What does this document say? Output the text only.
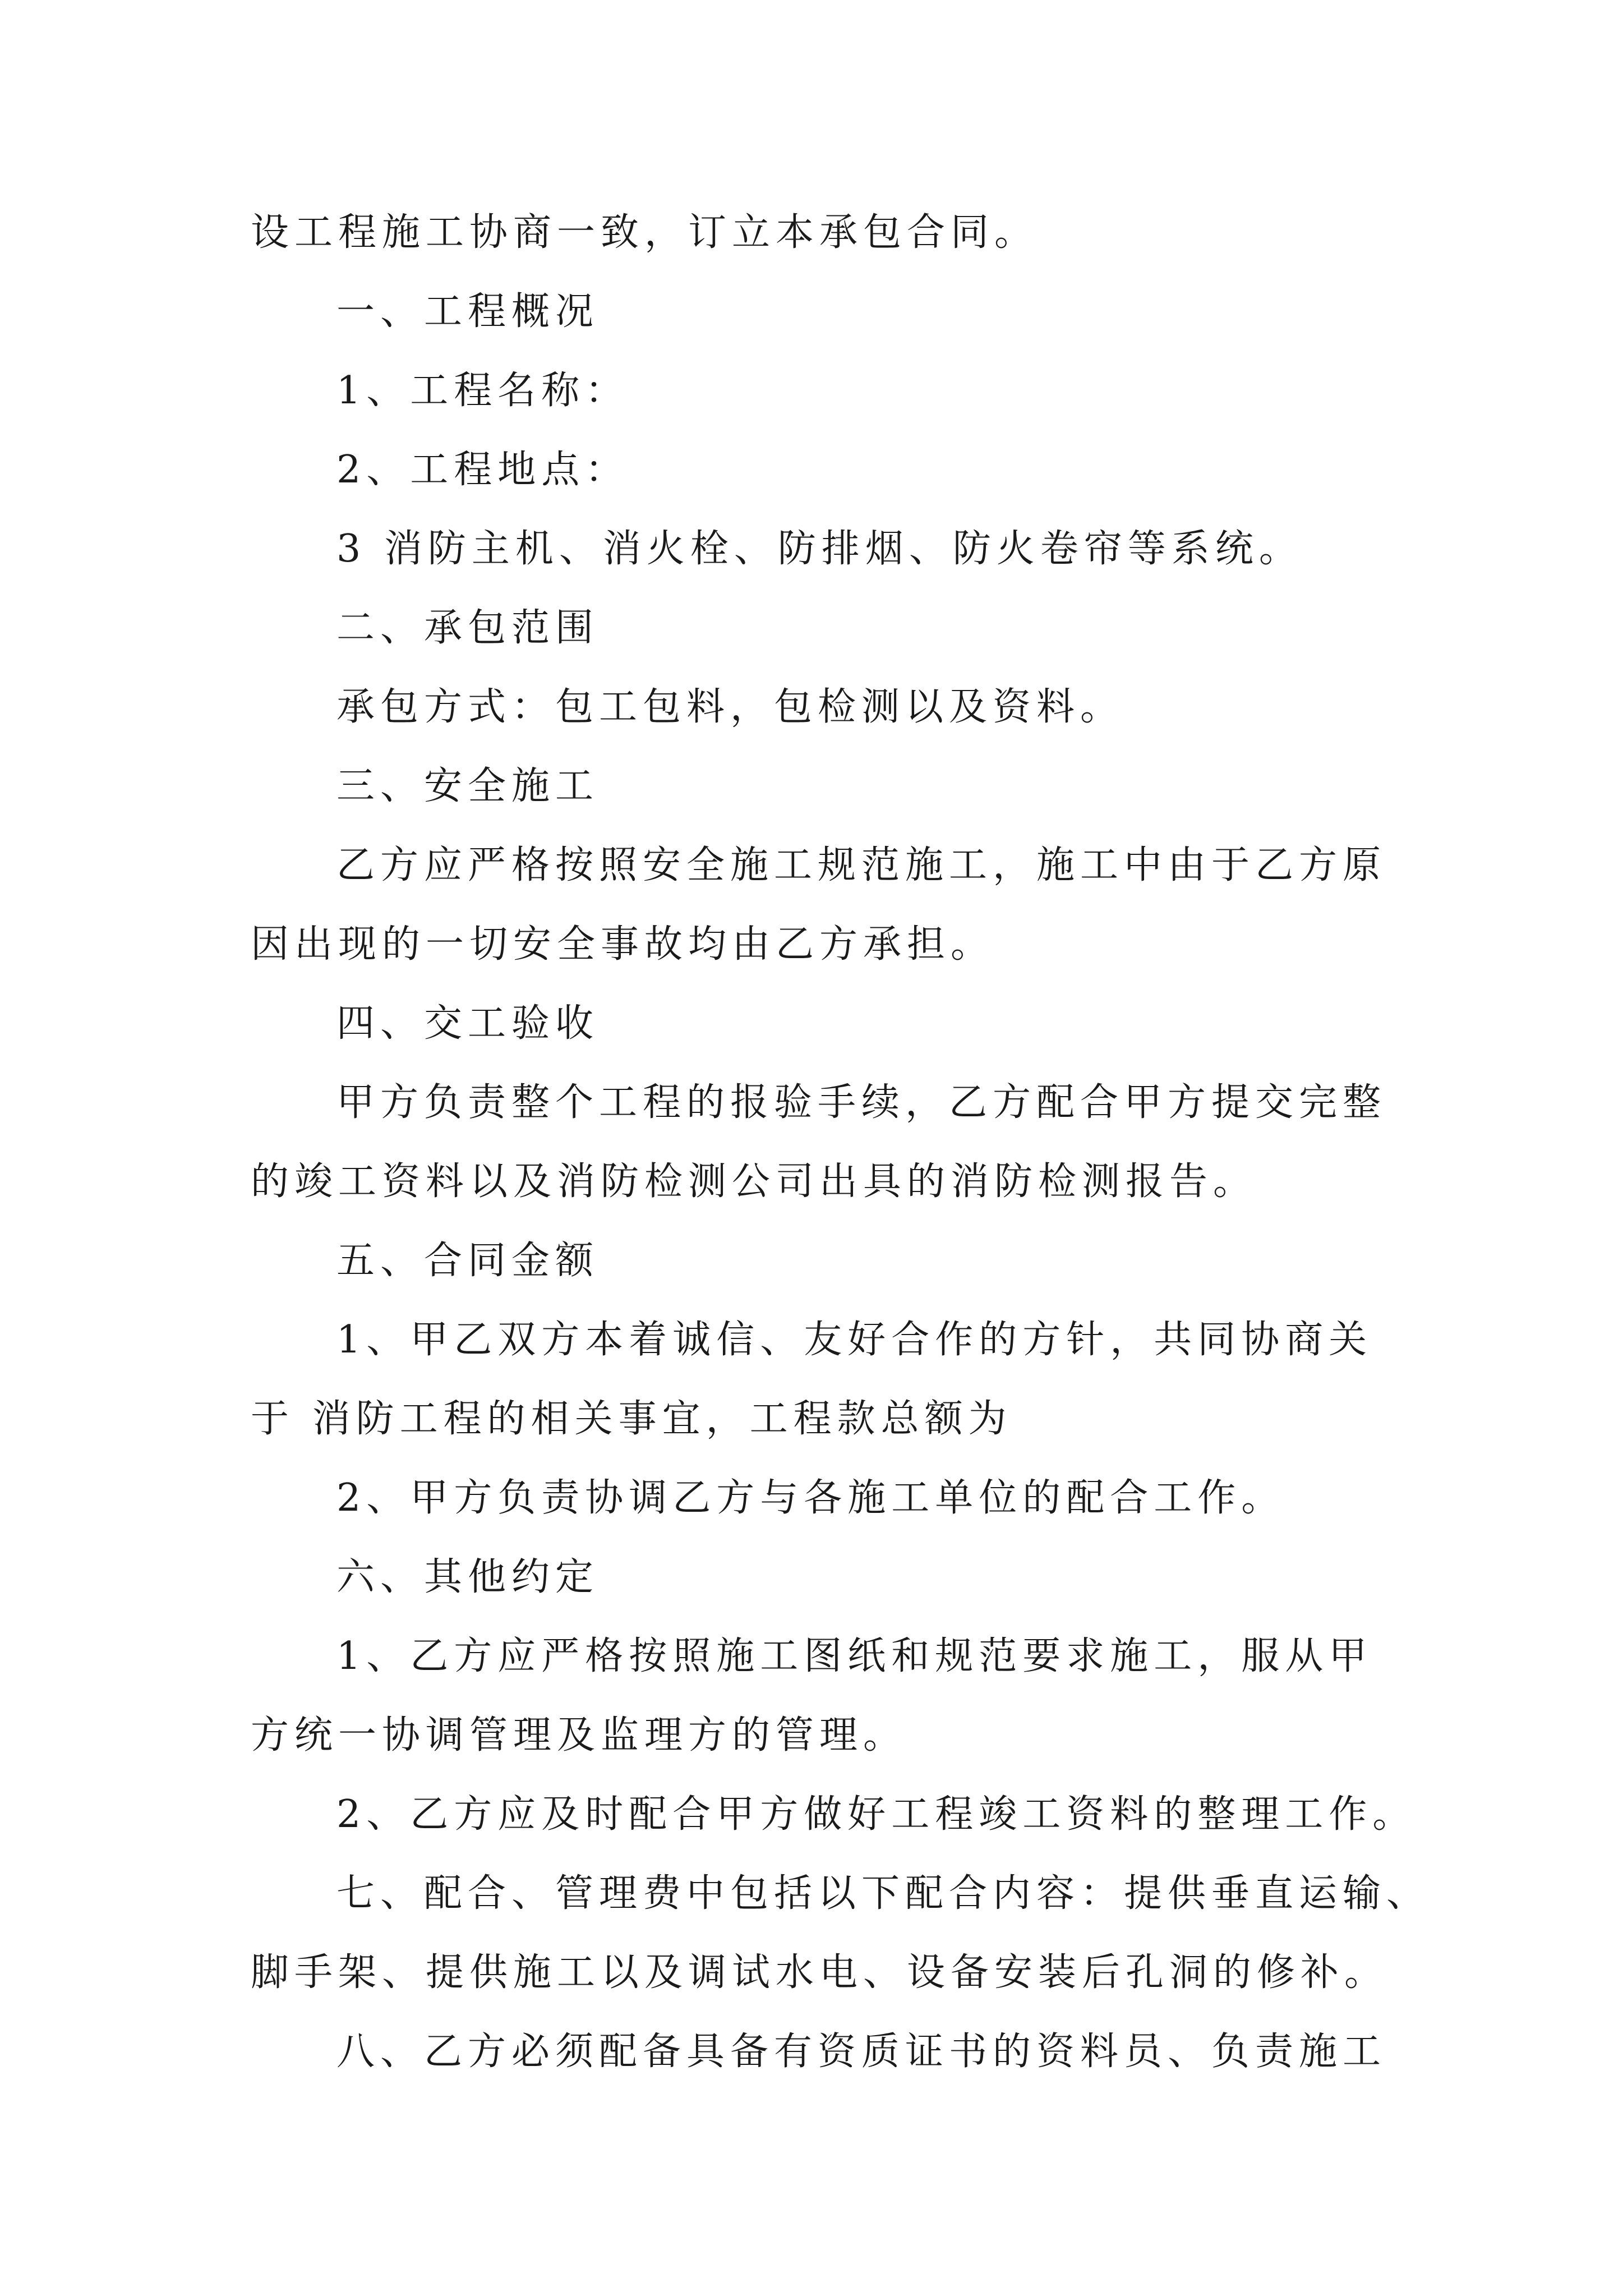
设工程施工协商一致，订立本承包合同。
一、工程概况
1、工程名称：
2、工程地点：
3 消防主机、消火栓、防排烟、防火卷帘等系统。
二、承包范围
承包方式：包工包料，包检测以及资料。
三、安全施工
乙方应严格按照安全施工规范施工，施工中由于乙方原
因出现的一切安全事故均由乙方承担。
四、交工验收
甲方负责整个工程的报验手续，乙方配合甲方提交完整
的竣工资料以及消防检测公司出具的消防检测报告。
五、合同金额
1、甲乙双方本着诚信、友好合作的方针，共同协商关
于 消防工程的相关事宜，工程款总额为
2、甲方负责协调乙方与各施工单位的配合工作。
六、其他约定
1、乙方应严格按照施工图纸和规范要求施工，服从甲
方统一协调管理及监理方的管理。
2、乙方应及时配合甲方做好工程竣工资料的整理工作。
七、配合、管理费中包括以下配合内容：提供垂直运输、
脚手架、提供施工以及调试水电、设备安装后孔洞的修补。
八、乙方必须配备具备有资质证书的资料员、负责施工
